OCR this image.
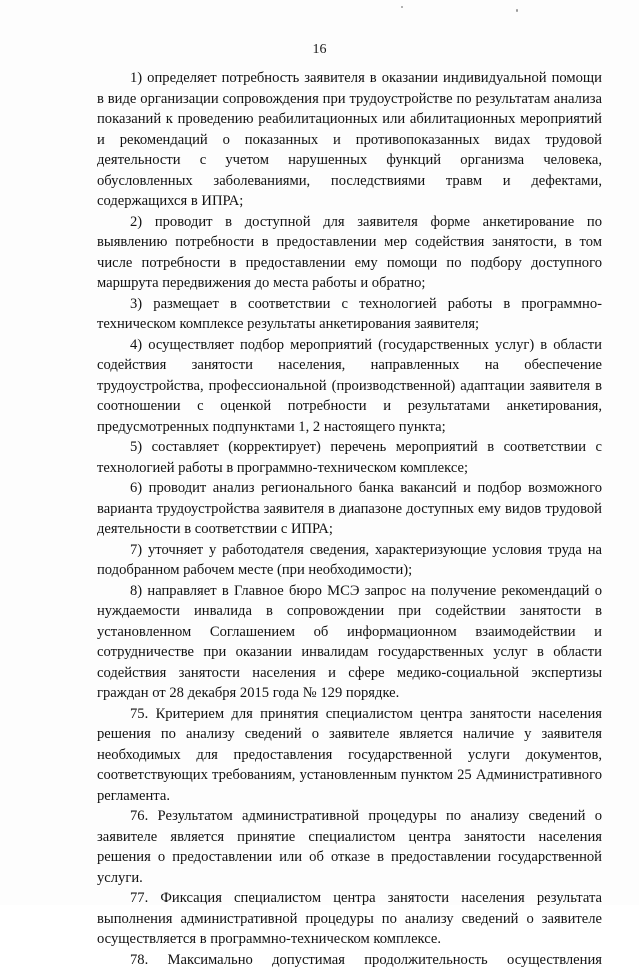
16

1) определяет потребность заявителя в оказании индивидуальной помощи в виде организации сопровождения при трудоустройстве по результатам анализа показаний к проведению реабилитационных или абилитационных мероприятий и рекомендаций о показанных и противопоказанных видах трудовой деятельности с учетом нарушенных функций организма человека, обусловленных заболеваниями, последствиями травм и дефектами, содержащихся в ИПРА;

2) проводит в доступной для заявителя форме анкетирование по выявлению потребности в предоставлении мер содействия занятости, в том числе потребности в предоставлении ему помощи по подбору доступного маршрута передвижения до места работы и обратно;

3) размещает в соответствии с технологией работы в программно-техническом комплексе результаты анкетирования заявителя;

4) осуществляет подбор мероприятий (государственных услуг) в области содействия занятости населения, направленных на обеспечение трудоустройства, профессиональной (производственной) адаптации заявителя в соотношении с оценкой потребности и результатами анкетирования, предусмотренных подпунктами 1, 2 настоящего пункта;

5) составляет (корректирует) перечень мероприятий в соответствии с технологией работы в программно-техническом комплексе;

6) проводит анализ регионального банка вакансий и подбор возможного варианта трудоустройства заявителя в диапазоне доступных ему видов трудовой деятельности в соответствии с ИПРА;

7) уточняет у работодателя сведения, характеризующие условия труда на подобранном рабочем месте (при необходимости);

8) направляет в Главное бюро МСЭ запрос на получение рекомендаций о нуждаемости инвалида в сопровождении при содействии занятости в установленном Соглашением об информационном взаимодействии и сотрудничестве при оказании инвалидам государственных услуг в области содействия занятости населения и сфере медико-социальной экспертизы граждан от 28 декабря 2015 года № 129 порядке.

75. Критерием для принятия специалистом центра занятости населения решения по анализу сведений о заявителе является наличие у заявителя необходимых для предоставления государственной услуги документов, соответствующих требованиям, установленным пунктом 25 Административного регламента.

76. Результатом административной процедуры по анализу сведений о заявителе является принятие специалистом центра занятости населения решения о предоставлении или об отказе в предоставлении государственной услуги.

77. Фиксация специалистом центра занятости населения результата выполнения административной процедуры по анализу сведений о заявителе осуществляется в программно-техническом комплексе.

78. Максимально допустимая продолжительность осуществления
